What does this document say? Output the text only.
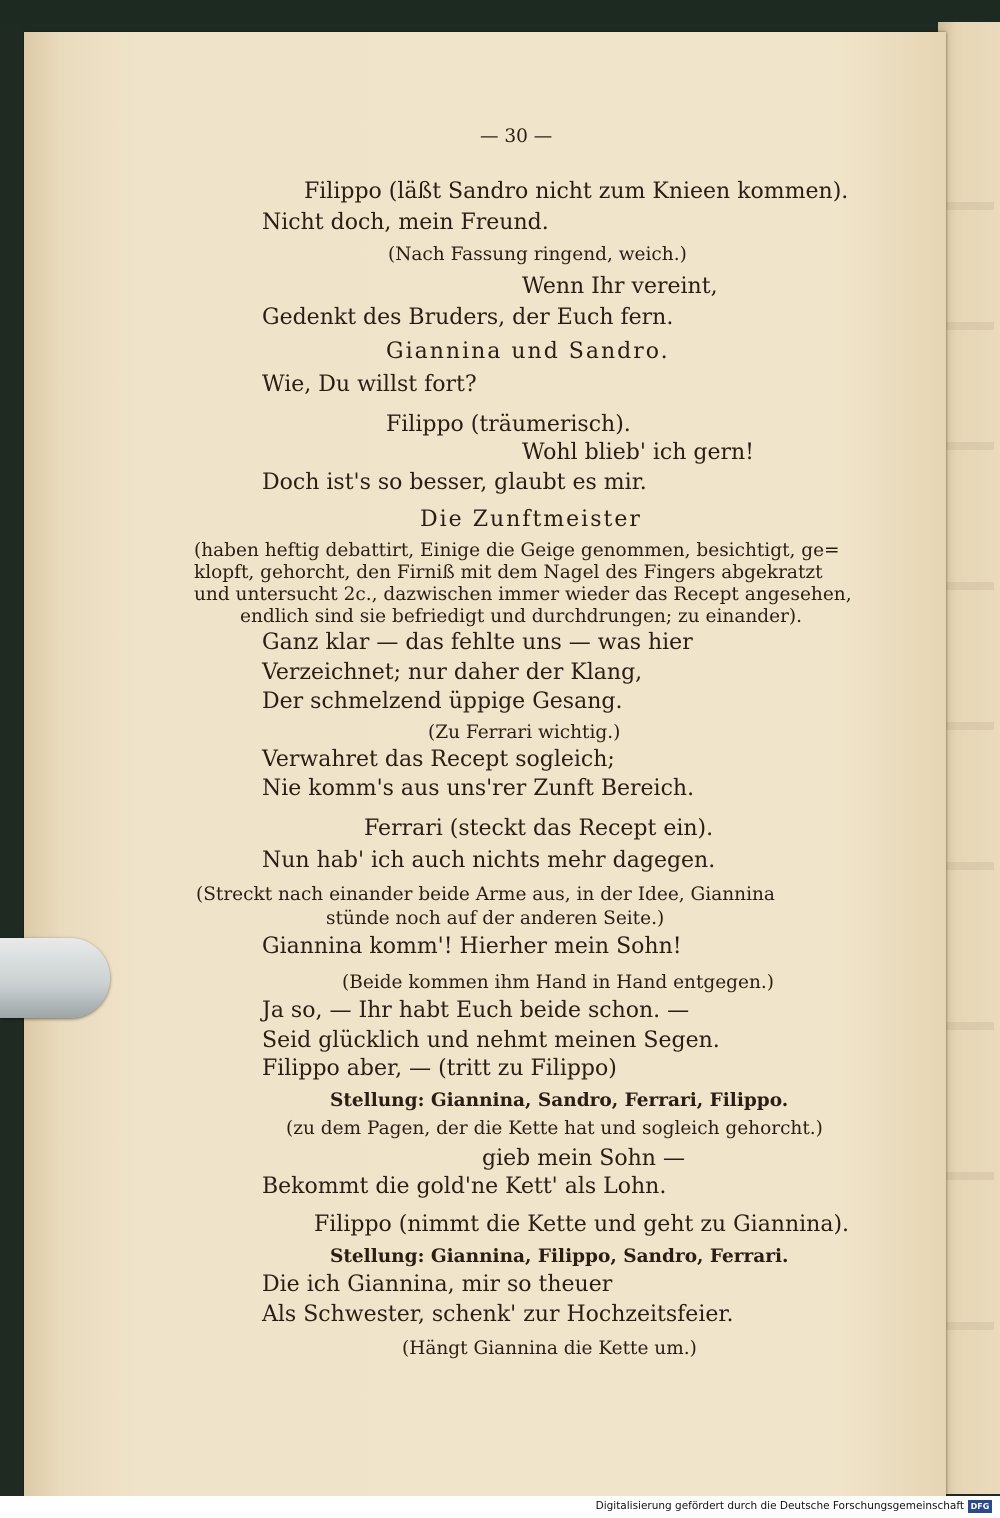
— 30 —
Filippo (läßt Sandro nicht zum Knieen kommen).
Nicht doch, mein Freund.
(Nach Fassung ringend, weich.)
Wenn Ihr vereint,
Gedenkt des Bruders, der Euch fern.
Giannina und Sandro.
Wie, Du willst fort?
Filippo (träumerisch).
Wohl blieb' ich gern!
Doch ist's so besser, glaubt es mir.
Die Zunftmeister
(haben heftig debattirt, Einige die Geige genommen, besichtigt, ge=
klopft, gehorcht, den Firniß mit dem Nagel des Fingers abgekratzt
und untersucht 2c., dazwischen immer wieder das Recept angesehen,
endlich sind sie befriedigt und durchdrungen; zu einander).
Ganz klar — das fehlte uns — was hier
Verzeichnet; nur daher der Klang,
Der schmelzend üppige Gesang.
(Zu Ferrari wichtig.)
Verwahret das Recept sogleich;
Nie komm's aus uns'rer Zunft Bereich.
Ferrari (steckt das Recept ein).
Nun hab' ich auch nichts mehr dagegen.
(Streckt nach einander beide Arme aus, in der Idee, Giannina
stünde noch auf der anderen Seite.)
Giannina komm'! Hierher mein Sohn!
(Beide kommen ihm Hand in Hand entgegen.)
Ja so, — Ihr habt Euch beide schon. —
Seid glücklich und nehmt meinen Segen.
Filippo aber, — (tritt zu Filippo)
Stellung: Giannina, Sandro, Ferrari, Filippo.
(zu dem Pagen, der die Kette hat und sogleich gehorcht.)
gieb mein Sohn —
Bekommt die gold'ne Kett' als Lohn.
Filippo (nimmt die Kette und geht zu Giannina).
Stellung: Giannina, Filippo, Sandro, Ferrari.
Die ich Giannina, mir so theuer
Als Schwester, schenk' zur Hochzeitsfeier.
(Hängt Giannina die Kette um.)
Digitalisierung gefördert durch die Deutsche Forschungsgemeinschaft DFG
